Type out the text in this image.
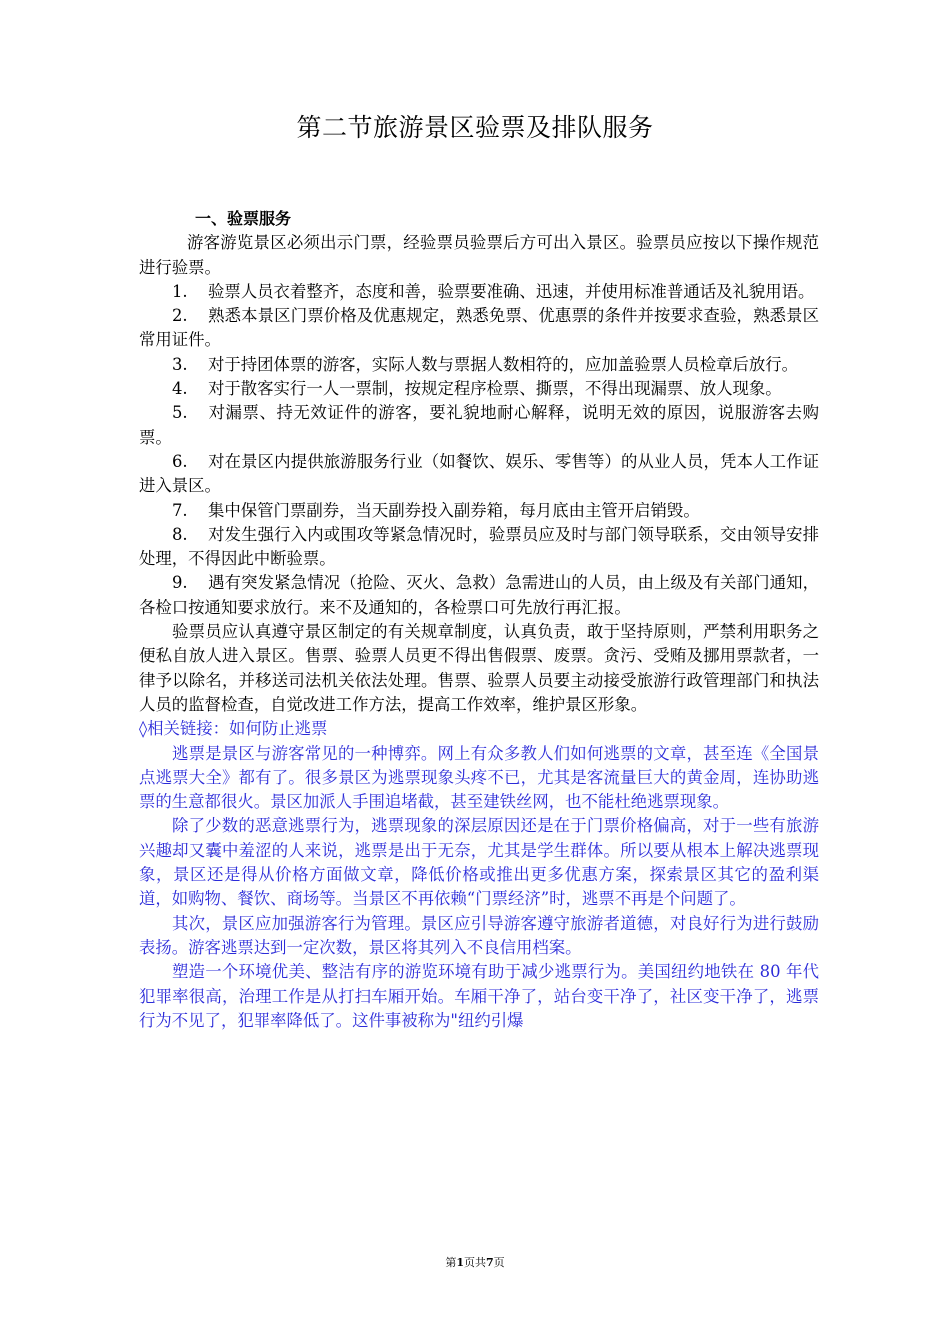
第二节旅游景区验票及排队服务

一、验票服务

游客游览景区必须出示门票，经验票员验票后方可出入景区。验票员应按以下操作规范进行验票。

1. 验票人员衣着整齐，态度和善，验票要准确、迅速，并使用标准普通话及礼貌用语。

2. 熟悉本景区门票价格及优惠规定，熟悉免票、优惠票的条件并按要求查验，熟悉景区常用证件。

3. 对于持团体票的游客，实际人数与票据人数相符的，应加盖验票人员检章后放行。

4. 对于散客实行一人一票制，按规定程序检票、撕票，不得出现漏票、放人现象。

5. 对漏票、持无效证件的游客，要礼貌地耐心解释，说明无效的原因，说服游客去购票。

6. 对在景区内提供旅游服务行业（如餐饮、娱乐、零售等）的从业人员，凭本人工作证进入景区。

7. 集中保管门票副券，当天副券投入副券箱，每月底由主管开启销毁。

8. 对发生强行入内或围攻等紧急情况时，验票员应及时与部门领导联系，交由领导安排处理，不得因此中断验票。

9. 遇有突发紧急情况（抢险、灭火、急救）急需进山的人员，由上级及有关部门通知，各检口按通知要求放行。来不及通知的，各检票口可先放行再汇报。

验票员应认真遵守景区制定的有关规章制度，认真负责，敢于坚持原则，严禁利用职务之便私自放人进入景区。售票、验票人员更不得出售假票、废票。贪污、受贿及挪用票款者，一律予以除名，并移送司法机关依法处理。售票、验票人员要主动接受旅游行政管理部门和执法人员的监督检查，自觉改进工作方法，提高工作效率，维护景区形象。

◊相关链接：如何防止逃票

逃票是景区与游客常见的一种博弈。网上有众多教人们如何逃票的文章，甚至连《全国景点逃票大全》都有了。很多景区为逃票现象头疼不已，尤其是客流量巨大的黄金周，连协助逃票的生意都很火。景区加派人手围追堵截，甚至建铁丝网，也不能杜绝逃票现象。

除了少数的恶意逃票行为，逃票现象的深层原因还是在于门票价格偏高，对于一些有旅游兴趣却又囊中羞涩的人来说，逃票是出于无奈，尤其是学生群体。所以要从根本上解决逃票现象，景区还是得从价格方面做文章，降低价格或推出更多优惠方案，探索景区其它的盈利渠道，如购物、餐饮、商场等。当景区不再依赖“门票经济”时，逃票不再是个问题了。

其次，景区应加强游客行为管理。景区应引导游客遵守旅游者道德，对良好行为进行鼓励表扬。游客逃票达到一定次数，景区将其列入不良信用档案。

塑造一个环境优美、整洁有序的游览环境有助于减少逃票行为。美国纽约地铁在 80 年代犯罪率很高，治理工作是从打扫车厢开始。车厢干净了，站台变干净了，社区变干净了，逃票行为不见了，犯罪率降低了。这件事被称为"纽约引爆

第1页共7页
